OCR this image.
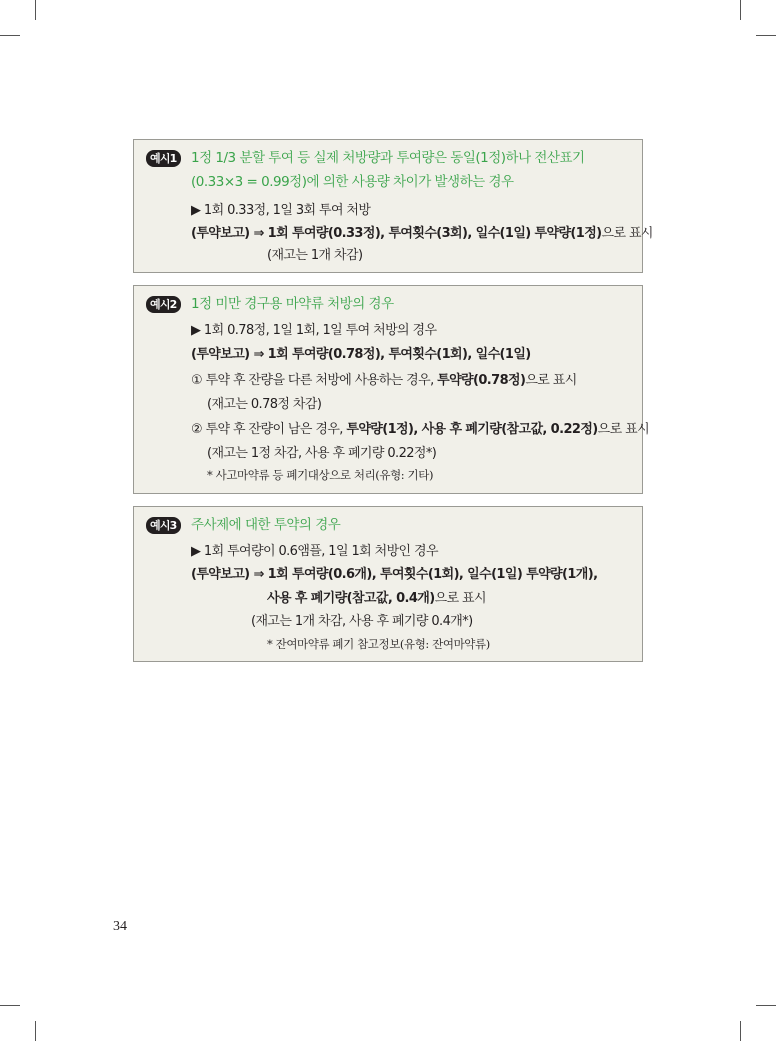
예시1 1정 1/3 분할 투여 등 실제 처방량과 투여량은 동일(1정)하나 전산표기
(0.33×3 = 0.99정)에 의한 사용량 차이가 발생하는 경우
▶ 1회 0.33정, 1일 3회 투여 처방
(투약보고) ⇒ 1회 투여량(0.33정), 투여횟수(3회), 일수(1일) 투약량(1정)으로 표시
(재고는 1개 차감)
예시2 1정 미만 경구용 마약류 처방의 경우
▶ 1회 0.78정, 1일 1회, 1일 투여 처방의 경우
(투약보고) ⇒ 1회 투여량(0.78정), 투여횟수(1회), 일수(1일)
① 투약 후 잔량을 다른 처방에 사용하는 경우, 투약량(0.78정)으로 표시
(재고는 0.78정 차감)
② 투약 후 잔량이 남은 경우, 투약량(1정), 사용 후 폐기량(참고값, 0.22정)으로 표시
(재고는 1정 차감, 사용 후 폐기량 0.22정*)
* 사고마약류 등 폐기대상으로 처리(유형: 기타)
예시3 주사제에 대한 투약의 경우
▶ 1회 투여량이 0.6앰플, 1일 1회 처방인 경우
(투약보고) ⇒ 1회 투여량(0.6개), 투여횟수(1회), 일수(1일) 투약량(1개),
사용 후 폐기량(참고값, 0.4개)으로 표시
(재고는 1개 차감, 사용 후 폐기량 0.4개*)
* 잔여마약류 폐기 참고정보(유형: 잔여마약류)
34
